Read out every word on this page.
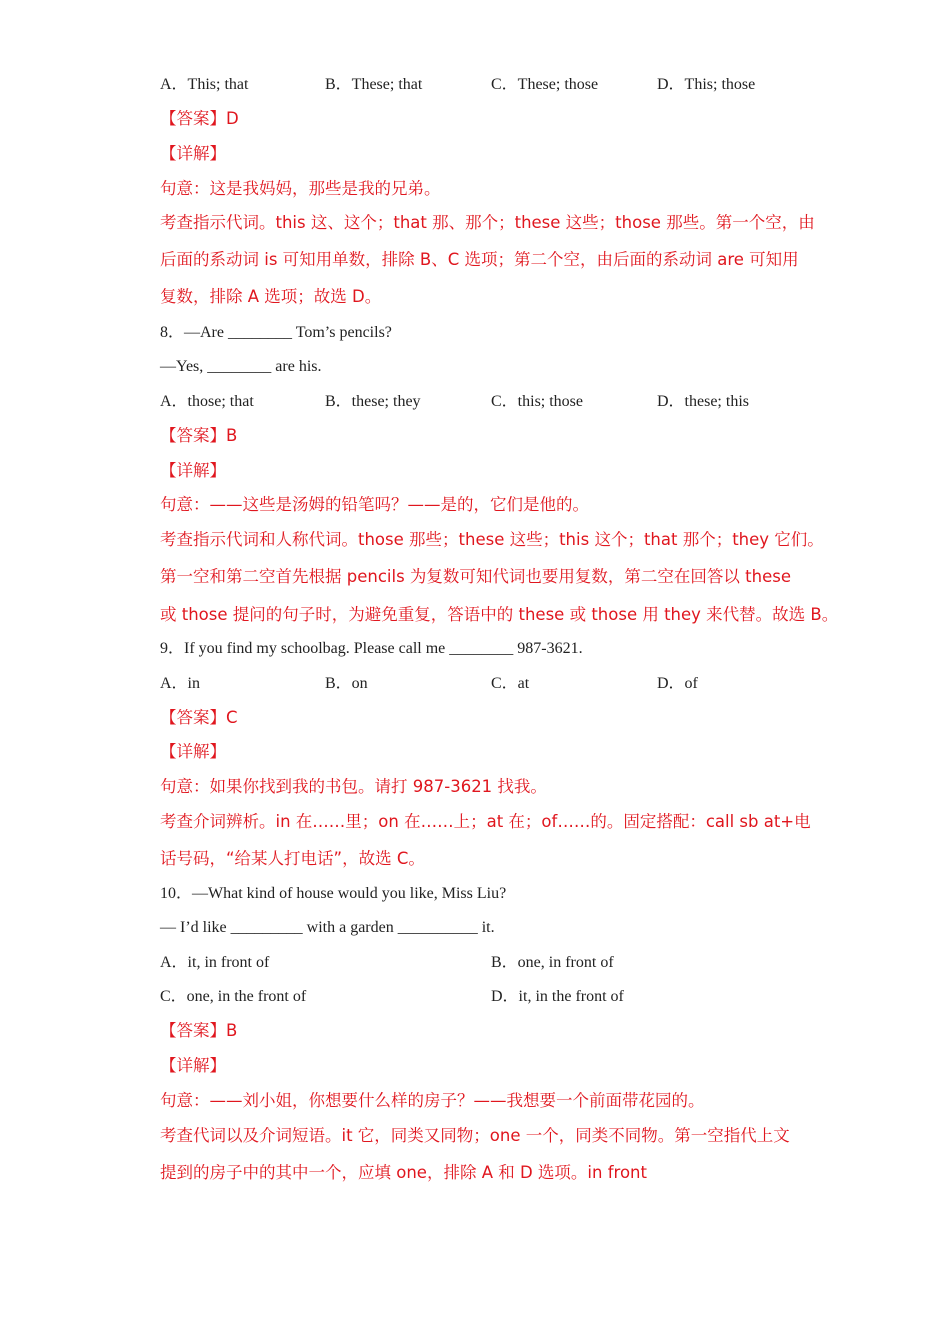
A．This; that	B．These; that	C．These; those	D．This; those
【答案】D
【详解】
句意：这是我妈妈，那些是我的兄弟。
考查指示代词。this 这、这个；that 那、那个；these 这些；those 那些。第一个空，由
后面的系动词 is 可知用单数，排除 B、C 选项；第二个空，由后面的系动词 are 可知用
复数，排除 A 选项；故选 D。
8．—Are ________ Tom’s pencils?
—Yes, ________ are his.
A．those; that	B．these; they	C．this; those	D．these; this
【答案】B
【详解】
句意：——这些是汤姆的铅笔吗？——是的，它们是他的。
考查指示代词和人称代词。those 那些；these 这些；this 这个；that 那个；they 它们。
第一空和第二空首先根据 pencils 为复数可知代词也要用复数，第二空在回答以 these
或 those 提问的句子时，为避免重复，答语中的 these 或 those 用 they 来代替。故选 B。
9．If you find my schoolbag. Please call me ________ 987-3621.
A．in	B．on	C．at	D．of
【答案】C
【详解】
句意：如果你找到我的书包。请打 987-3621 找我。
考查介词辨析。in 在……里；on 在……上；at 在；of……的。固定搭配：call sb at+电
话号码，“给某人打电话”，故选 C。
10．—What kind of house would you like, Miss Liu?
— I’d like _________ with a garden __________ it.
A．it, in front of	B．one, in front of
C．one, in the front of	D．it, in the front of
【答案】B
【详解】
句意：——刘小姐，你想要什么样的房子？——我想要一个前面带花园的。
考查代词以及介词短语。it 它，同类又同物；one 一个，同类不同物。第一空指代上文
提到的房子中的其中一个，应填 one，排除 A 和 D 选项。in front
